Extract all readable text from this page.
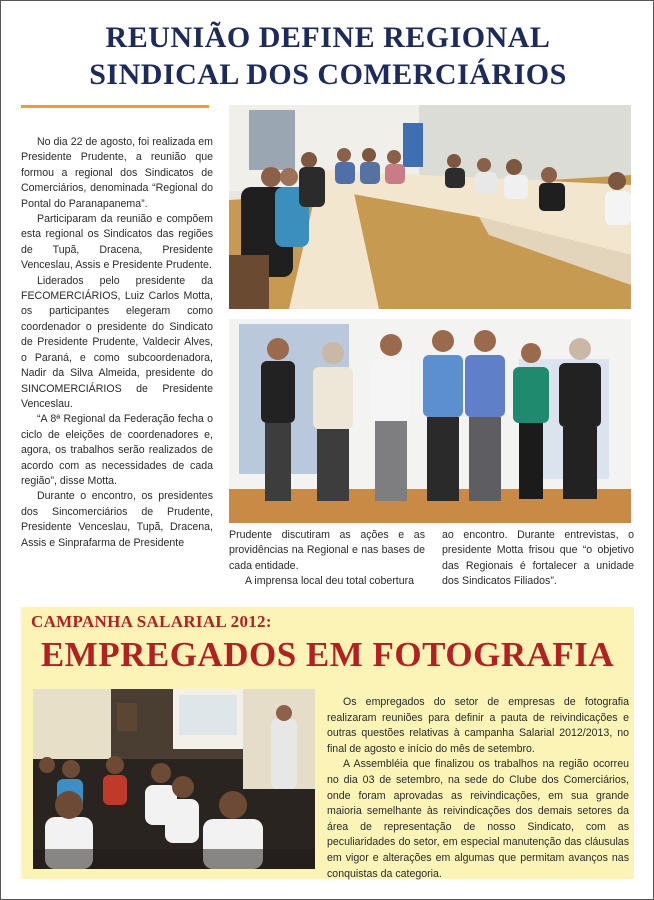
REUNIÃO DEFINE REGIONAL
SINDICAL DOS COMERCIÁRIOS

No dia 22 de agosto, foi realizada em Presidente Prudente, a reunião que formou a regional dos Sindicatos de Comerciários, denominada “Regional do Pontal do Paranapanema”.

Participaram da reunião e compõem esta regional os Sindicatos das regiões de Tupã, Dracena, Presidente Venceslau, Assis e Presidente Prudente.

Liderados pelo presidente da FECOMERCIÁRIOS, Luiz Carlos Motta, os participantes elegeram como coordenador o presidente do Sindicato de Presidente Prudente, Valdecir Alves, o Paraná, e como subcoordenadora, Nadir da Silva Almeida, presidente do SINCOMERCIÁRIOS de Presidente Venceslau.

“A 8ª Regional da Federação fecha o ciclo de eleições de coordenadores e, agora, os trabalhos serão realizados de acordo com as necessidades de cada região”, disse Motta.

Durante o encontro, os presidentes dos Sincomerciários de Prudente, Presidente Venceslau, Tupã, Dracena, Assis e Sinprafarma de Presidente

Prudente discutiram as ações e as providências na Regional e nas bases de cada entidade.

A imprensa local deu total cobertura

ao encontro. Durante entrevistas, o presidente Motta frisou que “o objetivo das Regionais é fortalecer a unidade dos Sindicatos Filiados”.

CAMPANHA SALARIAL 2012:
EMPREGADOS EM FOTOGRAFIA

Os empregados do setor de empresas de fotografia realizaram reuniões para definir a pauta de reivindicações e outras questões relativas à campanha Salarial 2012/2013, no final de agosto e início do mês de setembro.

A Assembléia que finalizou os trabalhos na região ocorreu no dia 03 de setembro, na sede do Clube dos Comerciários, onde foram aprovadas as reivindicações, em sua grande maioria semelhante às reivindicações dos demais setores da área de representação de nosso Sindicato, com as peculiaridades do setor, em especial manutenção das cláusulas em vigor e alterações em algumas que permitam avanços nas conquistas da categoria.
